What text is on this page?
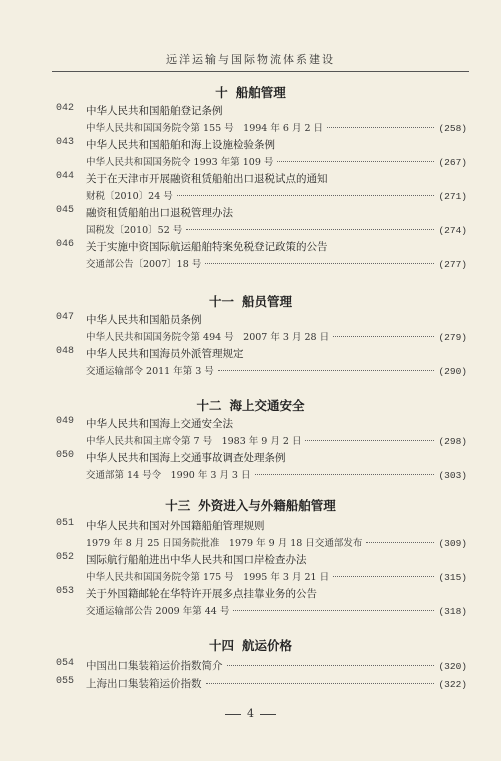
远洋运输与国际物流体系建设
十 船舶管理
042 中华人民共和国船舶登记条例
中华人民共和国国务院令第 155 号　1994 年 6 月 2 日	(258)
043 中华人民共和国船舶和海上设施检验条例
中华人民共和国国务院令 1993 年第 109 号	(267)
044 关于在天津市开展融资租赁船舶出口退税试点的通知
财税〔2010〕24 号	(271)
045 融资租赁船舶出口退税管理办法
国税发〔2010〕52 号	(274)
046 关于实施中资国际航运船舶特案免税登记政策的公告
交通部公告〔2007〕18 号	(277)
十一 船员管理
047 中华人民共和国船员条例
中华人民共和国国务院令第 494 号　2007 年 3 月 28 日	(279)
048 中华人民共和国海员外派管理规定
交通运输部令 2011 年第 3 号	(290)
十二 海上交通安全
049 中华人民共和国海上交通安全法
中华人民共和国主席令第 7 号　1983 年 9 月 2 日	(298)
050 中华人民共和国海上交通事故调查处理条例
交通部第 14 号令　1990 年 3 月 3 日	(303)
十三 外资进入与外籍船舶管理
051 中华人民共和国对外国籍船舶管理规则
1979 年 8 月 25 日国务院批准　1979 年 9 月 18 日交通部发布	(309)
052 国际航行船舶进出中华人民共和国口岸检查办法
中华人民共和国国务院令第 175 号　1995 年 3 月 21 日	(315)
053 关于外国籍邮轮在华特许开展多点挂靠业务的公告
交通运输部公告 2009 年第 44 号	(318)
十四 航运价格
054 中国出口集装箱运价指数简介	(320)
055 上海出口集装箱运价指数	(322)
4
